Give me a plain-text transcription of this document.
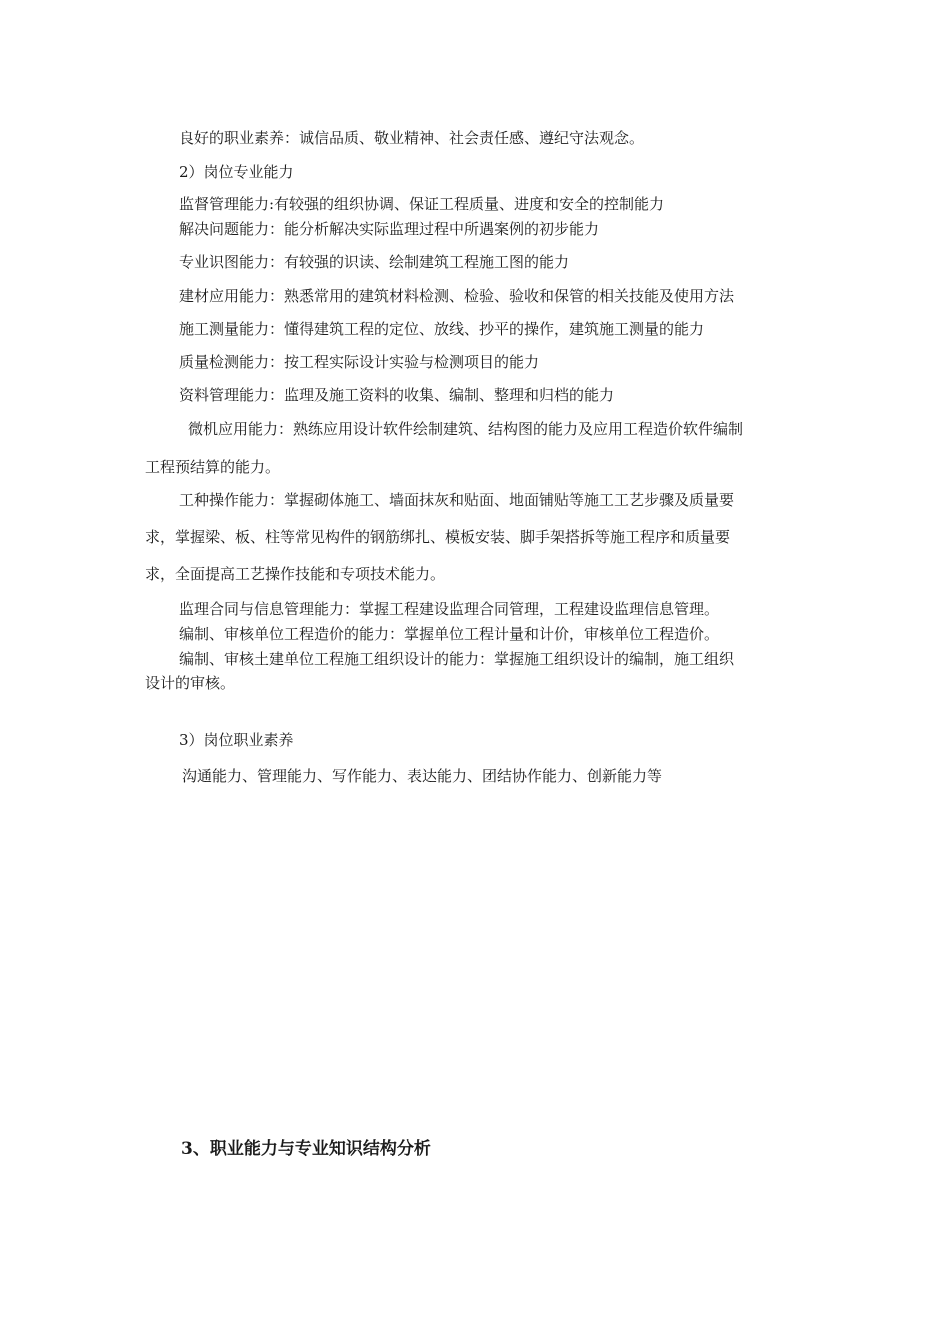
良好的职业素养：诚信品质、敬业精神、社会责任感、遵纪守法观念。

2）岗位专业能力

监督管理能力:有较强的组织协调、保证工程质量、进度和安全的控制能力

解决问题能力：能分析解决实际监理过程中所遇案例的初步能力

专业识图能力：有较强的识读、绘制建筑工程施工图的能力

建材应用能力：熟悉常用的建筑材料检测、检验、验收和保管的相关技能及使用方法

施工测量能力：懂得建筑工程的定位、放线、抄平的操作，建筑施工测量的能力

质量检测能力：按工程实际设计实验与检测项目的能力

资料管理能力：监理及施工资料的收集、编制、整理和归档的能力

微机应用能力：熟练应用设计软件绘制建筑、结构图的能力及应用工程造价软件编制

工程预结算的能力。

工种操作能力：掌握砌体施工、墙面抹灰和贴面、地面铺贴等施工工艺步骤及质量要

求，掌握梁、板、柱等常见构件的钢筋绑扎、模板安装、脚手架搭拆等施工程序和质量要

求，全面提高工艺操作技能和专项技术能力。

监理合同与信息管理能力：掌握工程建设监理合同管理，工程建设监理信息管理。

编制、审核单位工程造价的能力：掌握单位工程计量和计价，审核单位工程造价。

编制、审核土建单位工程施工组织设计的能力：掌握施工组织设计的编制，施工组织

设计的审核。

3）岗位职业素养

沟通能力、管理能力、写作能力、表达能力、团结协作能力、创新能力等

3、职业能力与专业知识结构分析
